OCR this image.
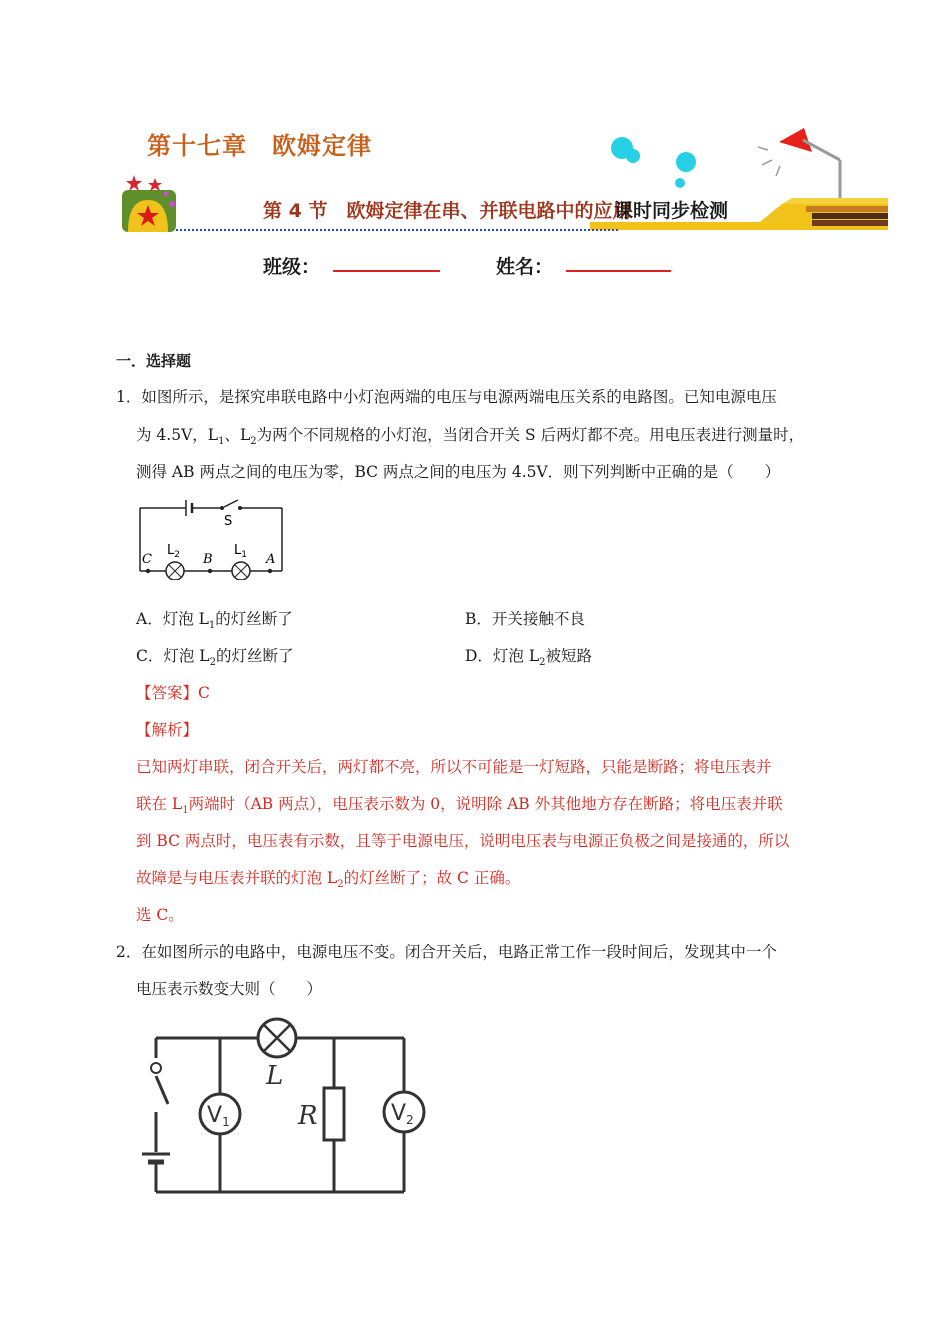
第十七章　欧姆定律
第 4 节　欧姆定律在串、并联电路中的应用
课时同步检测
班级：	姓名：
一．选择题
1．如图所示，是探究串联电路中小灯泡两端的电压与电源两端电压关系的电路图。已知电源电压
为 4.5V，$L_1$、$L_2$为两个不同规格的小灯泡，当闭合开关 S 后两灯都不亮。用电压表进行测量时，
测得 AB 两点之间的电压为零，BC 两点之间的电压为 4.5V．则下列判断中正确的是（　　）
S
C
$L_2$ B
$L_1$ A
A．灯泡 $L_1$的灯丝断了	B．开关接触不良
C．灯泡 $L_2$的灯丝断了	D．灯泡 $L_2$被短路
【答案】C
【解析】
已知两灯串联，闭合开关后，两灯都不亮，所以不可能是一灯短路，只能是断路；将电压表并
联在 $L_1$两端时（AB 两点），电压表示数为 0，说明除 AB 外其他地方存在断路；将电压表并联
到 BC 两点时，电压表有示数，且等于电源电压，说明电压表与电源正负极之间是接通的，所以
故障是与电压表并联的灯泡 $L_2$的灯丝断了；故 C 正确。
选 C。
2．在如图所示的电路中，电源电压不变。闭合开关后，电路正常工作一段时间后，发现其中一个
电压表示数变大则（　　）
L
R
V1	V2
